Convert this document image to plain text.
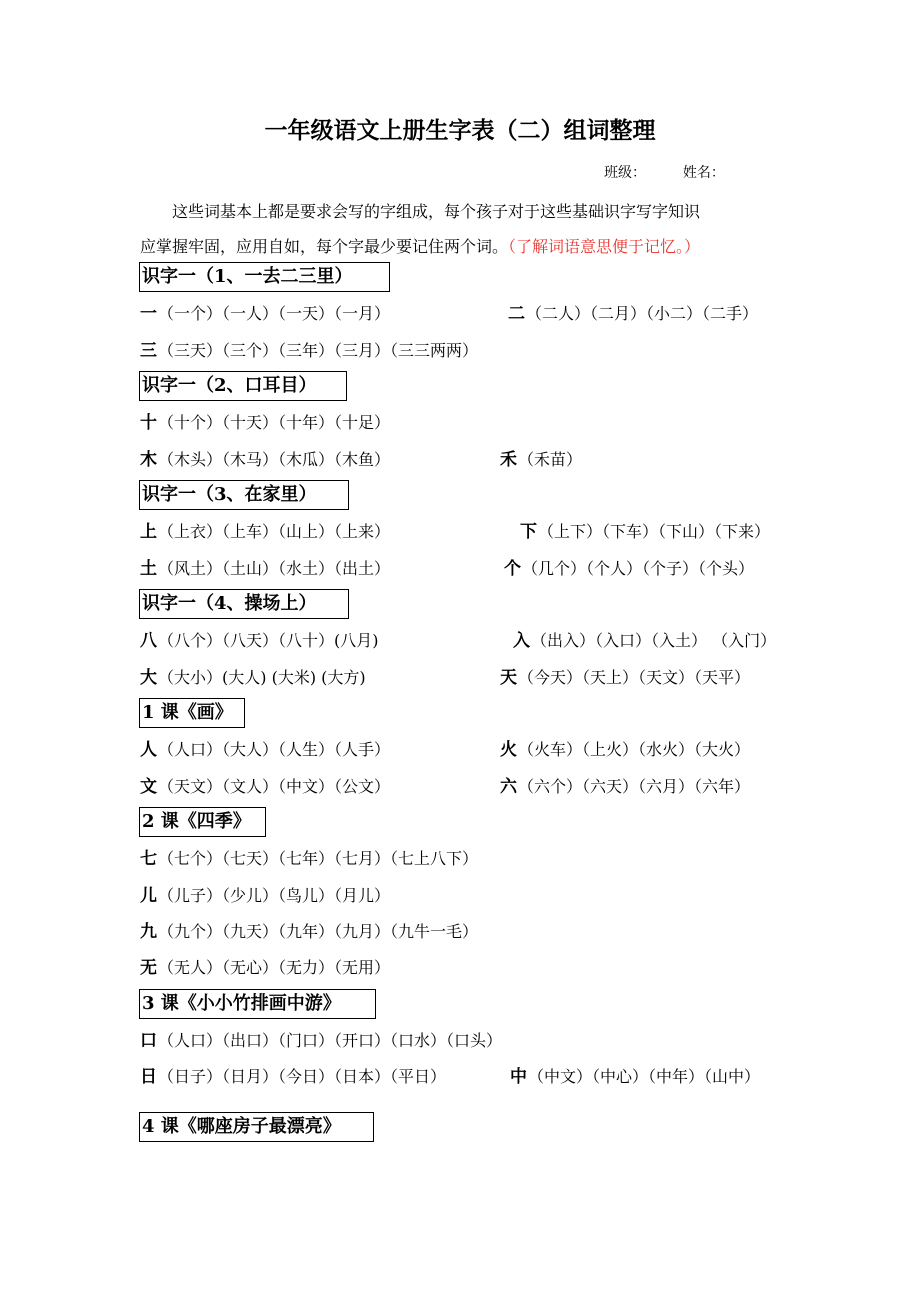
一年级语文上册生字表（二）组词整理
班级：	姓名：
这些词基本上都是要求会写的字组成，每个孩子对于这些基础识字写字知识
应掌握牢固，应用自如，每个字最少要记住两个词。（了解词语意思便于记忆。）
识字一（1、一去二三里）
一（一个）（一人）（一天）（一月）	二（二人）（二月）（小二）（二手）
三（三天）（三个）（三年）（三月）（三三两两）
识字一（2、口耳目）
十（十个）（十天）（十年）（十足）
木（木头）（木马）（木瓜）（木鱼）	禾（禾苗）
识字一（3、在家里）
上（上衣）（上车）（山上）（上来）	下（上下）（下车）（下山）（下来）
土（风土）（土山）（水土）（出土）	个（几个）（个人）（个子）（个头）
识字一（4、操场上）
八（八个）（八天）（八十）(八月)	入（出入）（入口）（入土） （入门）
大（大小）(大人) (大米) (大方)	天（今天）（天上）（天文）（天平）
1 课《画》
人（人口）（大人）（人生）（人手）	火（火车）（上火）（水火）（大火）
文（天文）（文人）（中文）（公文）	六（六个）（六天）（六月）（六年）
2 课《四季》
七（七个）（七天）（七年）（七月）（七上八下）
儿（儿子）（少儿）（鸟儿）（月儿）
九（九个）（九天）（九年）（九月）（九牛一毛）
无（无人）（无心）（无力）（无用）
3 课《小小竹排画中游》
口（人口）（出口）（门口）（开口）（口水）（口头）
日（日子）（日月）（今日）（日本）（平日）	中（中文）（中心）（中年）（山中）
4 课《哪座房子最漂亮》
